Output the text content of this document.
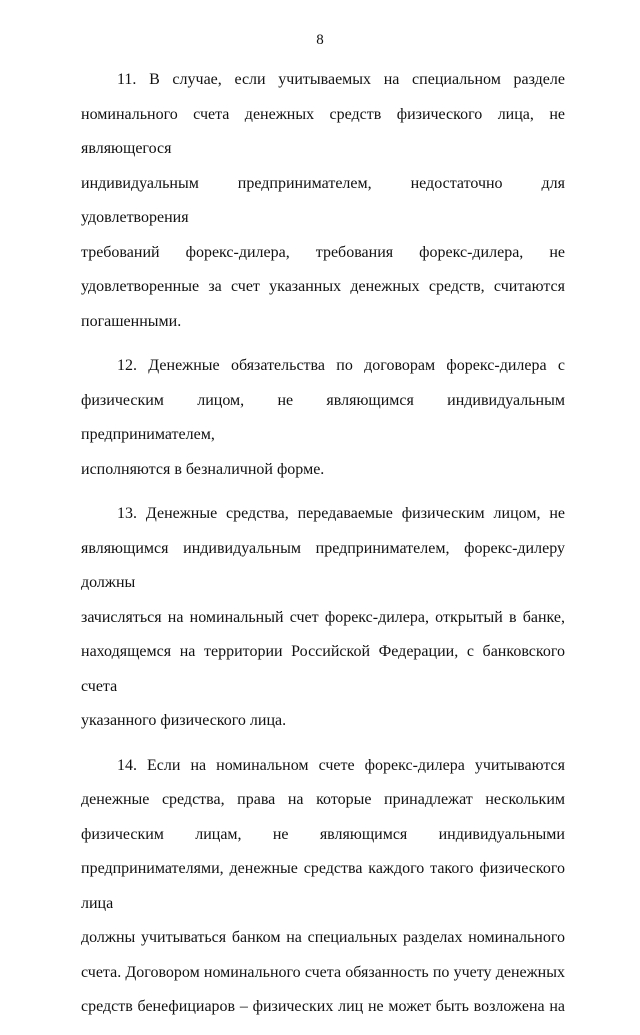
8

11. В случае, если учитываемых на специальном разделе
номинального счета денежных средств физического лица, не являющегося
индивидуальным предпринимателем, недостаточно для удовлетворения
требований форекс-дилера, требования форекс-дилера, не
удовлетворенные за счет указанных денежных средств, считаются
погашенными.

12. Денежные обязательства по договорам форекс-дилера с
физическим лицом, не являющимся индивидуальным предпринимателем,
исполняются в безналичной форме.

13. Денежные средства, передаваемые физическим лицом, не
являющимся индивидуальным предпринимателем, форекс-дилеру должны
зачисляться на номинальный счет форекс-дилера, открытый в банке,
находящемся на территории Российской Федерации, с банковского счета
указанного физического лица.

14. Если на номинальном счете форекс-дилера учитываются
денежные средства, права на которые принадлежат нескольким
физическим лицам, не являющимся индивидуальными
предпринимателями, денежные средства каждого такого физического лица
должны учитываться банком на специальных разделах номинального
счета. Договором номинального счета обязанность по учету денежных
средств бенефициаров – физических лиц не может быть возложена на
